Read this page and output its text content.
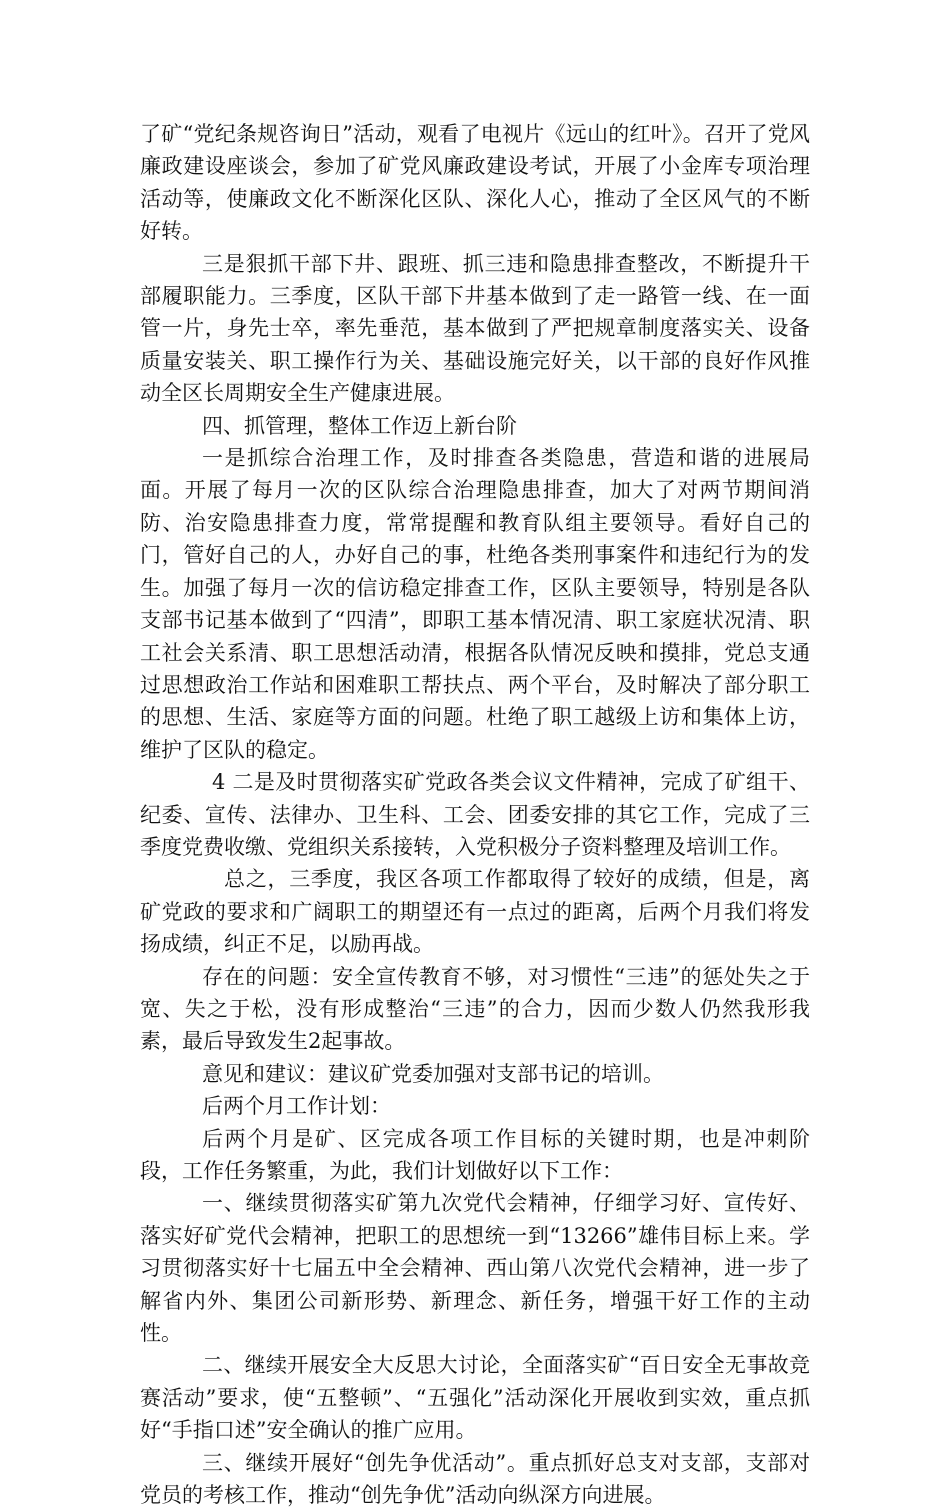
了矿“党纪条规咨询日”活动，观看了电视片《远山的红叶》。召开了党风廉政建设座谈会，参加了矿党风廉政建设考试，开展了小金库专项治理活动等，使廉政文化不断深化区队、深化人心，推动了全区风气的不断好转。

三是狠抓干部下井、跟班、抓三违和隐患排查整改，不断提升干部履职能力。三季度，区队干部下井基本做到了走一路管一线、在一面管一片，身先士卒，率先垂范，基本做到了严把规章制度落实关、设备质量安装关、职工操作行为关、基础设施完好关，以干部的良好作风推动全区长周期安全生产健康进展。

四、抓管理，整体工作迈上新台阶

一是抓综合治理工作，及时排查各类隐患，营造和谐的进展局面。开展了每月一次的区队综合治理隐患排查，加大了对两节期间消防、治安隐患排查力度，常常提醒和教育队组主要领导。看好自己的门，管好自己的人，办好自己的事，杜绝各类刑事案件和违纪行为的发生。加强了每月一次的信访稳定排查工作，区队主要领导，特别是各队支部书记基本做到了“四清”，即职工基本情况清、职工家庭状况清、职工社会关系清、职工思想活动清，根据各队情况反映和摸排，党总支通过思想政治工作站和困难职工帮扶点、两个平台，及时解决了部分职工的思想、生活、家庭等方面的问题。杜绝了职工越级上访和集体上访，维护了区队的稳定。

4 二是及时贯彻落实矿党政各类会议文件精神，完成了矿组干、纪委、宣传、法律办、卫生科、工会、团委安排的其它工作，完成了三季度党费收缴、党组织关系接转，入党积极分子资料整理及培训工作。

总之，三季度，我区各项工作都取得了较好的成绩，但是，离矿党政的要求和广阔职工的期望还有一点过的距离，后两个月我们将发扬成绩，纠正不足，以励再战。

存在的问题：安全宣传教育不够，对习惯性“三违”的惩处失之于宽、失之于松，没有形成整治“三违”的合力，因而少数人仍然我形我素，最后导致发生2起事故。

意见和建议：建议矿党委加强对支部书记的培训。

后两个月工作计划：

后两个月是矿、区完成各项工作目标的关键时期，也是冲刺阶段，工作任务繁重，为此，我们计划做好以下工作：

一、继续贯彻落实矿第九次党代会精神，仔细学习好、宣传好、落实好矿党代会精神，把职工的思想统一到“13266”雄伟目标上来。学习贯彻落实好十七届五中全会精神、西山第八次党代会精神，进一步了解省内外、集团公司新形势、新理念、新任务，增强干好工作的主动性。

二、继续开展安全大反思大讨论，全面落实矿“百日安全无事故竞赛活动”要求，使“五整顿”、“五强化”活动深化开展收到实效，重点抓好“手指口述”安全确认的推广应用。

三、继续开展好“创先争优活动”。重点抓好总支对支部，支部对党员的考核工作，推动“创先争优”活动向纵深方向进展。
